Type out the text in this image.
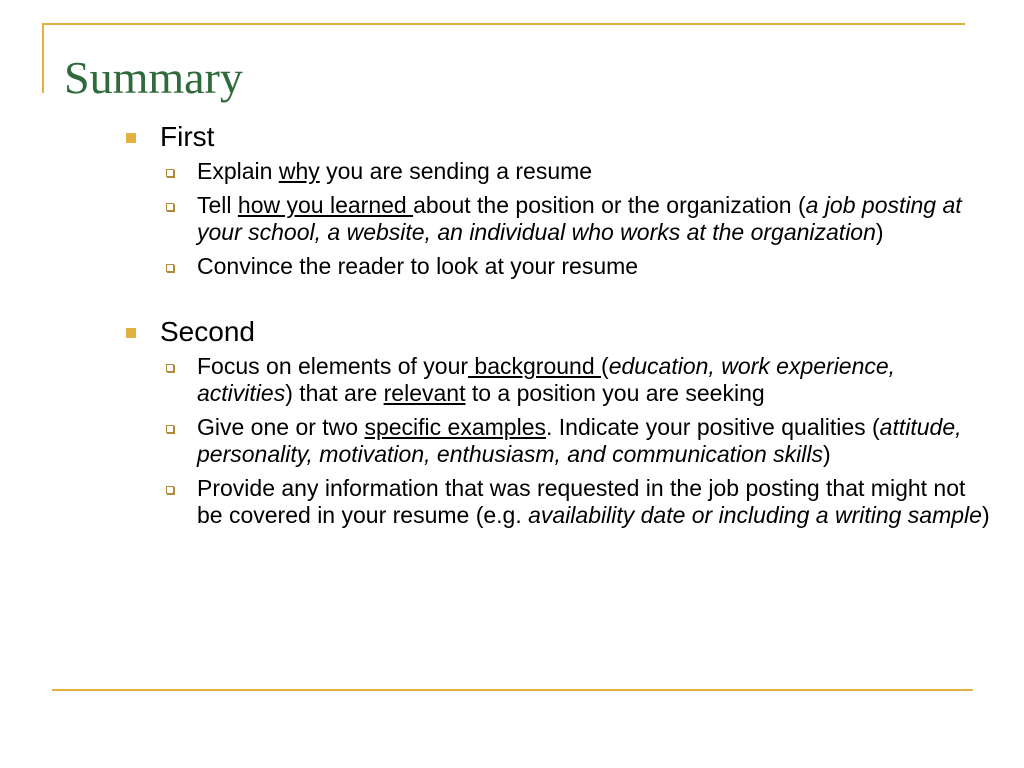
Summary
First
Explain why you are sending a resume
Tell how you learned about the position or the organization (a job posting at your school, a website, an individual who works at the organization)
Convince the reader to look at your resume
Second
Focus on elements of your background (education, work experience, activities) that are relevant to a position you are seeking
Give one or two specific examples. Indicate your positive qualities (attitude, personality, motivation, enthusiasm, and communication skills)
Provide any information that was requested in the job posting that might not be covered in your resume (e.g. availability date or including a writing sample)
